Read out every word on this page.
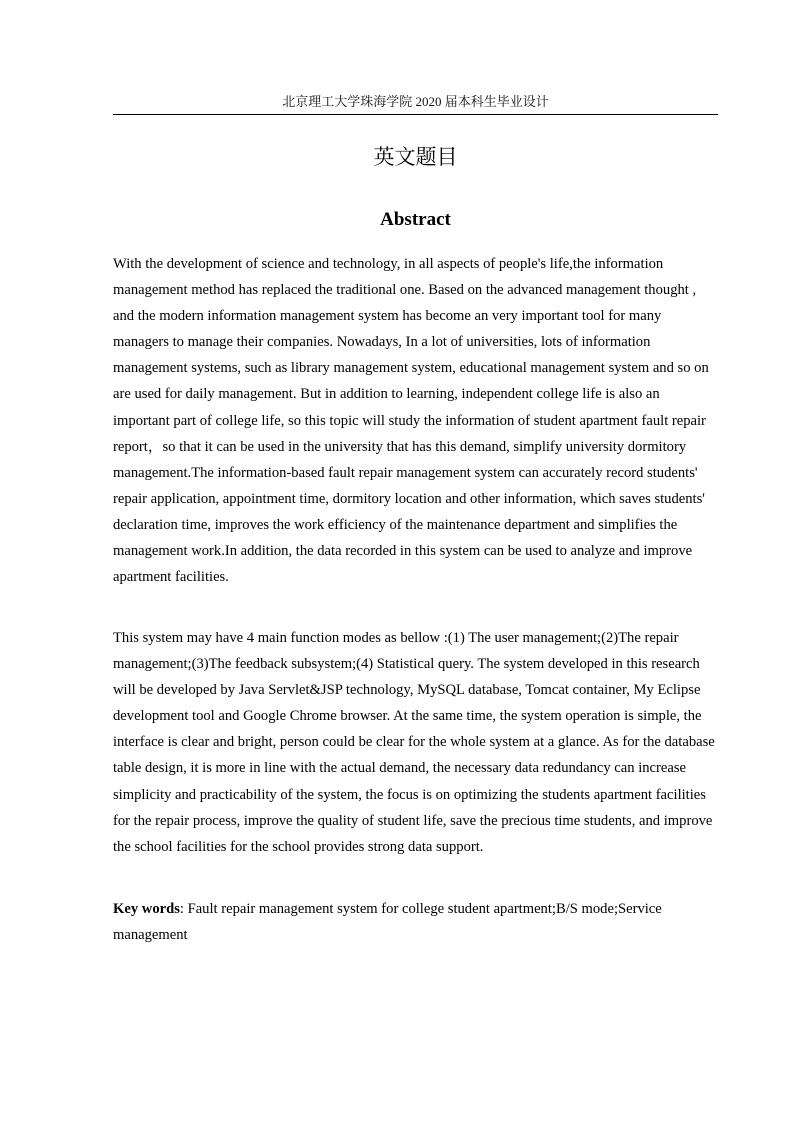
北京理工大学珠海学院 2020 届本科生毕业设计
英文题目
Abstract

With the development of science and technology, in all aspects of people's life,the information management method has replaced the traditional one. Based on the advanced management thought , and the modern information management system has become an very important tool for many managers to manage their companies. Nowadays, In a lot of universities, lots of information management systems, such as library management system, educational management system and so on are used for daily management. But in addition to learning, independent college life is also an important part of college life, so this topic will study the information of student apartment fault repair report，so that it can be used in the university that has this demand, simplify university dormitory management.The information-based fault repair management system can accurately record students' repair application, appointment time, dormitory location and other information, which saves students' declaration time, improves the work efficiency of the maintenance department and simplifies the management work.In addition, the data recorded in this system can be used to analyze and improve apartment facilities.

This system may have 4 main function modes as bellow :(1) The user management;(2)The repair management;(3)The feedback subsystem;(4) Statistical query. The system developed in this research will be developed by Java Servlet&JSP technology, MySQL database, Tomcat container, My Eclipse development tool and Google Chrome browser. At the same time, the system operation is simple, the interface is clear and bright, person could be clear for the whole system at a glance. As for the database table design, it is more in line with the actual demand, the necessary data redundancy can increase simplicity and practicability of the system, the focus is on optimizing the students apartment facilities for the repair process, improve the quality of student life, save the precious time students, and improve the school facilities for the school provides strong data support.

Key words: Fault repair management system for college student apartment;B/S mode;Service management
